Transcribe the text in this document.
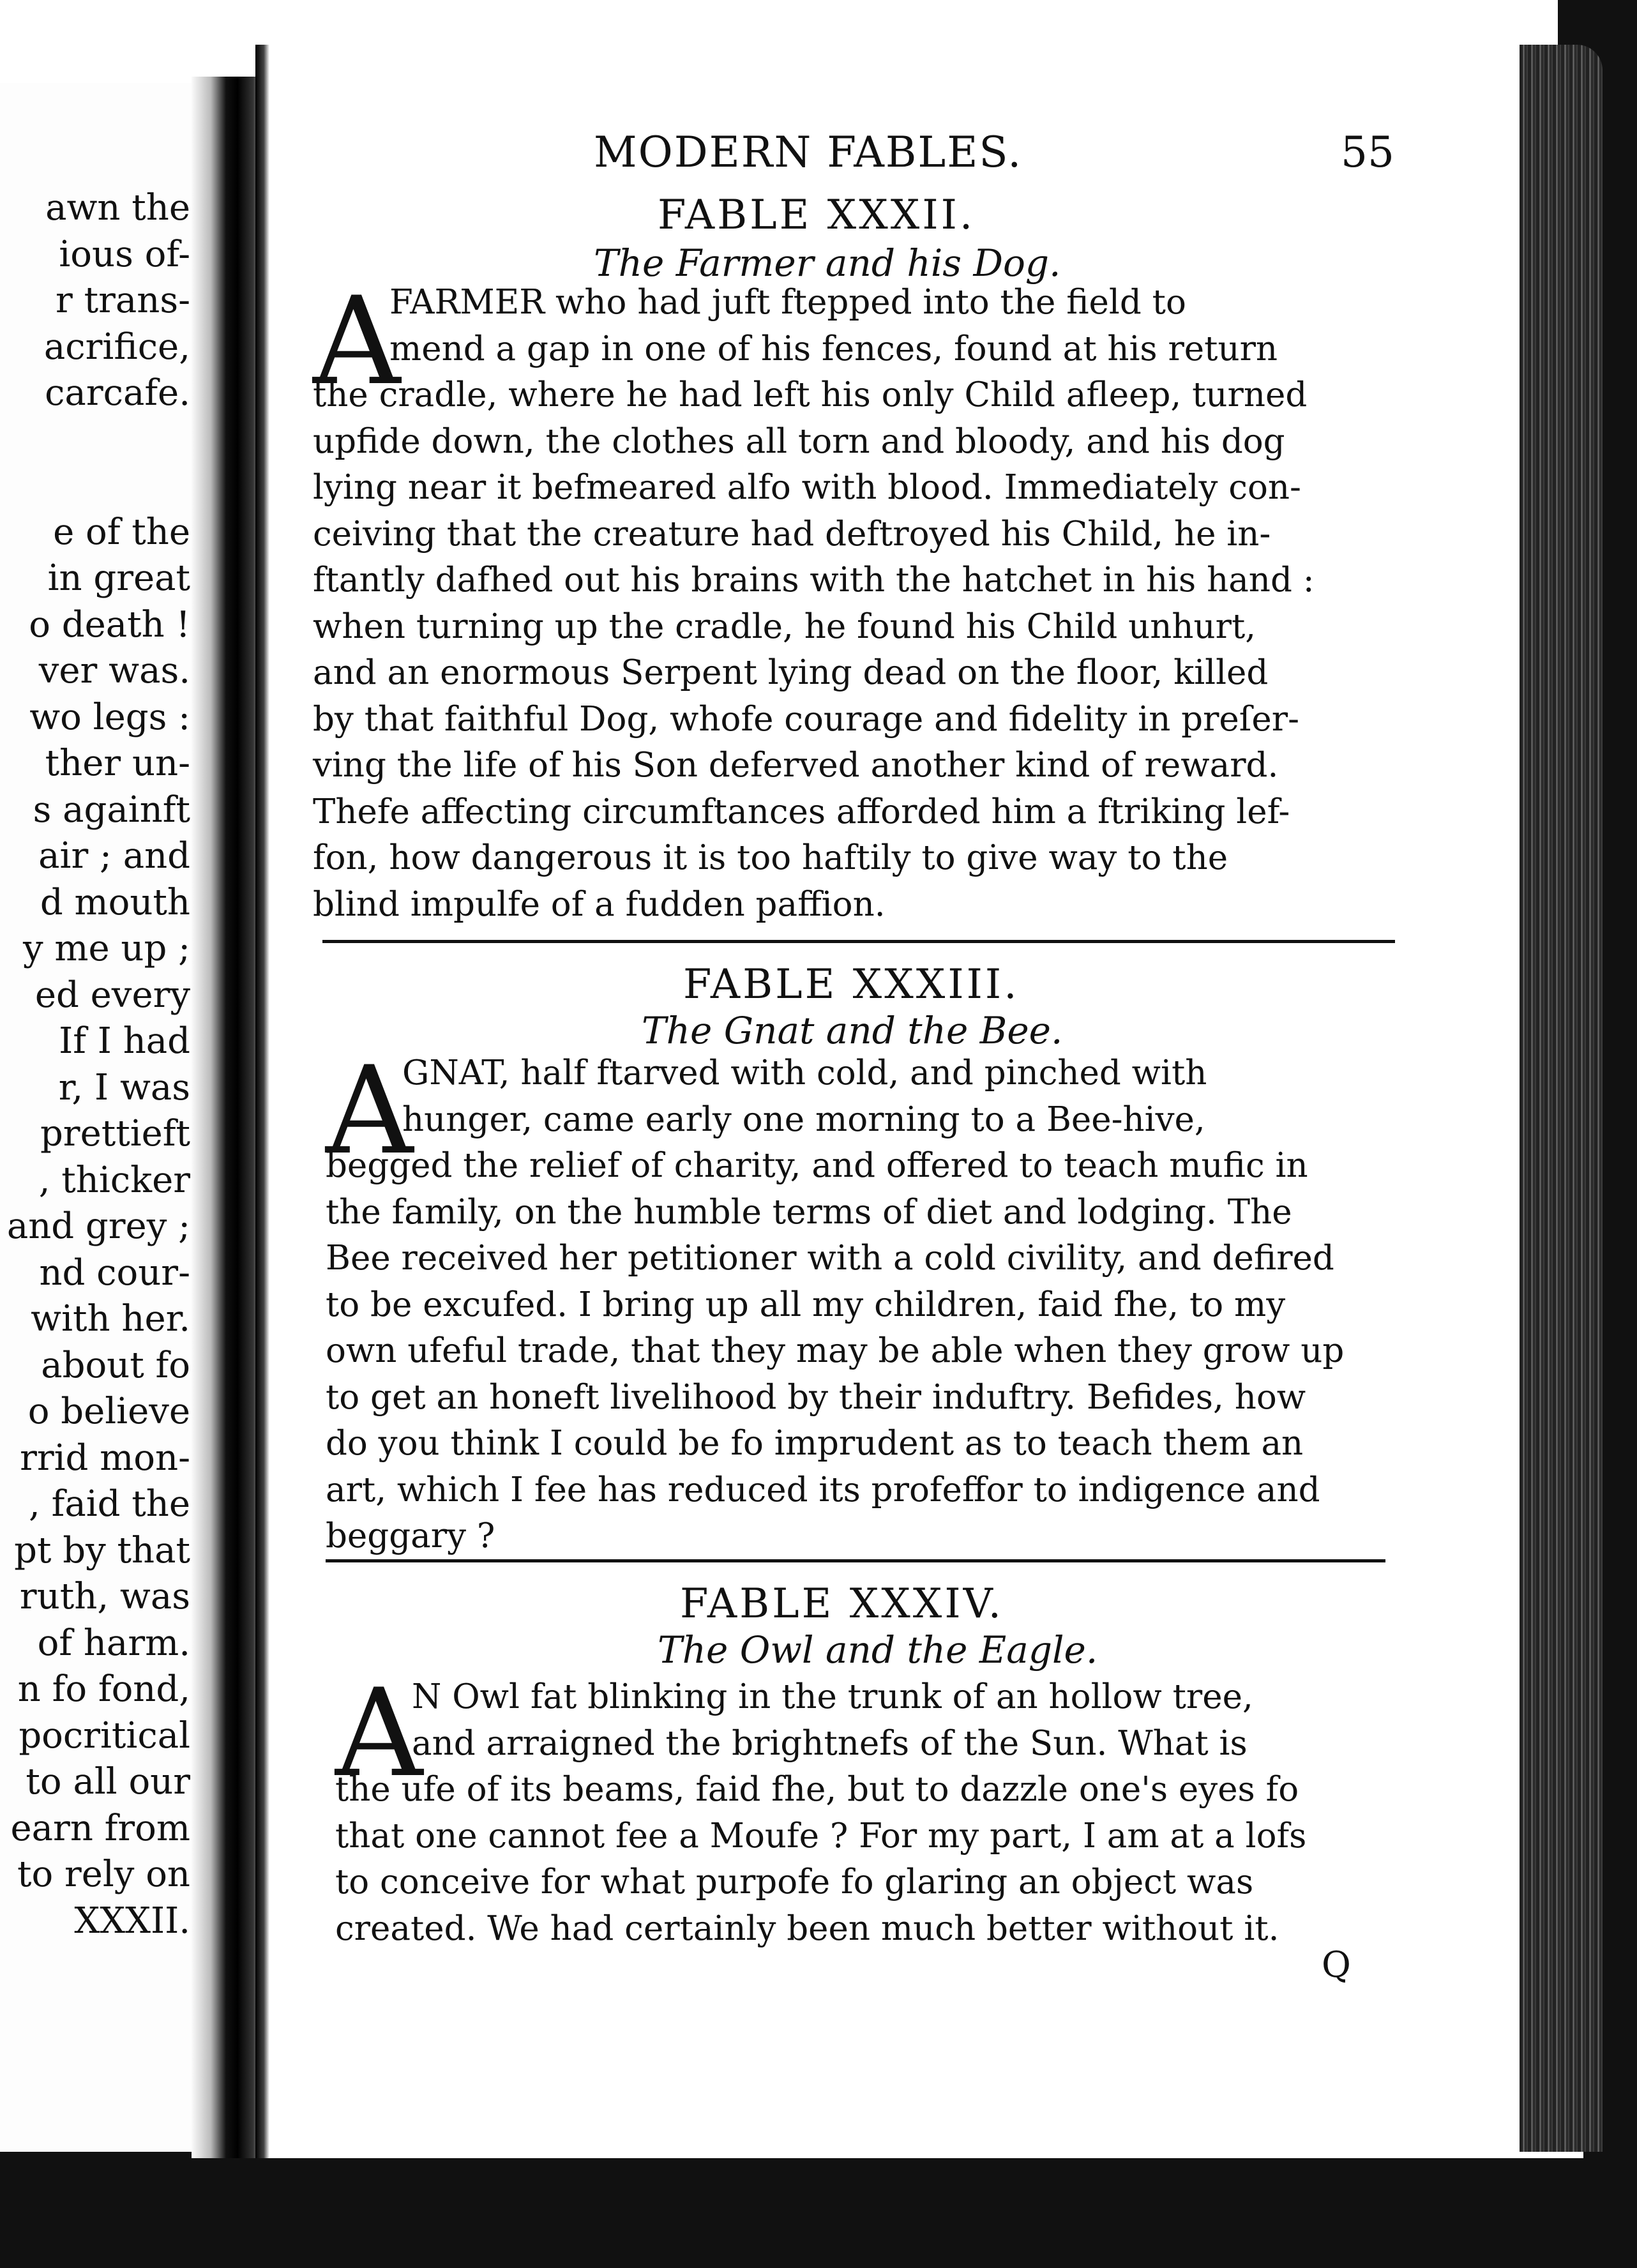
awn the
ious of-
r trans-
acrifice,
carcafe.
e of the
in great
o death !
ver was.
wo legs :
ther un-
s againft
air ; and
d mouth
y me up ;
ed every
If I had
r, I was
prettieft
, thicker
and grey ;
nd cour-
with her.
about fo
o believe
rrid mon-
, faid the
pt by that
ruth, was
of harm.
n fo fond,
pocritical
to all our
earn from
to rely on
XXXII.
MODERN FABLES.	55
FABLE XXXII.
The Farmer and his Dog.
A
FARMER who had juft ftepped into the field to
mend a gap in one of his fences, found at his return
the cradle, where he had left his only Child afleep, turned
upfide down, the clothes all torn and bloody, and his dog
lying near it befmeared alfo with blood. Immediately con-
ceiving that the creature had deftroyed his Child, he in-
ftantly dafhed out his brains with the hatchet in his hand :
when turning up the cradle, he found his Child unhurt,
and an enormous Serpent lying dead on the floor, killed
by that faithful Dog, whofe courage and fidelity in preſer-
ving the life of his Son deferved another kind of reward.
Thefe affecting circumftances afforded him a ftriking lef-
fon, how dangerous it is too haftily to give way to the
blind impulfe of a fudden paffion.
FABLE XXXIII.
The Gnat and the Bee.
A
GNAT, half ftarved with cold, and pinched with
hunger, came early one morning to a Bee-hive,
begged the relief of charity, and offered to teach mufic in
the family, on the humble terms of diet and lodging. The
Bee received her petitioner with a cold civility, and defired
to be excufed. I bring up all my children, faid fhe, to my
own ufeful trade, that they may be able when they grow up
to get an honeft livelihood by their induftry. Befides, how
do you think I could be fo imprudent as to teach them an
art, which I fee has reduced its profeffor to indigence and
beggary ?
FABLE XXXIV.
The Owl and the Eagle.
A
N Owl fat blinking in the trunk of an hollow tree,
and arraigned the brightnefs of the Sun. What is
the ufe of its beams, faid fhe, but to dazzle one's eyes fo
that one cannot fee a Moufe ? For my part, I am at a lofs
to conceive for what purpofe fo glaring an object was
created. We had certainly been much better without it.
Q
